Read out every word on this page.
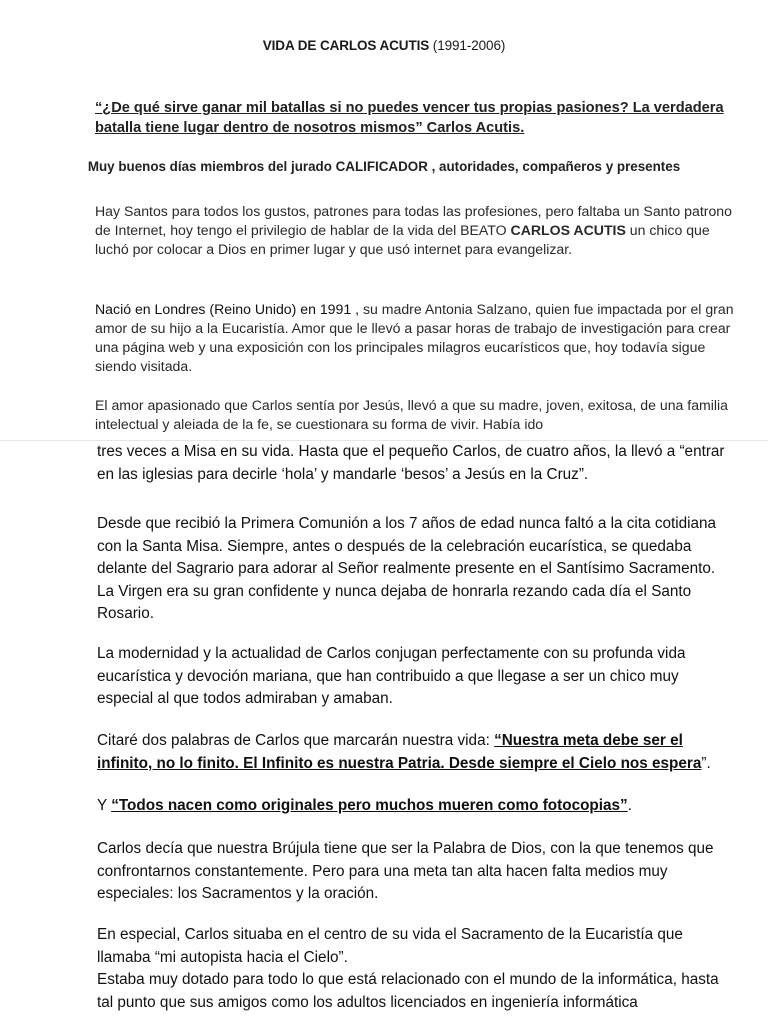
VIDA DE CARLOS ACUTIS (1991-2006)
“¿De qué sirve ganar mil batallas si no puedes vencer tus propias pasiones? La verdadera batalla tiene lugar dentro de nosotros mismos” Carlos Acutis.
Muy buenos días miembros del jurado CALIFICADOR , autoridades, compañeros y presentes
Hay Santos para todos los gustos, patrones para todas las profesiones, pero faltaba un Santo patrono de Internet, hoy tengo el privilegio de hablar de la vida del BEATO CARLOS ACUTIS un chico que luchó por colocar a Dios en primer lugar y que usó internet para evangelizar.
Nació en Londres (Reino Unido) en 1991 , su madre Antonia Salzano, quien fue impactada por el gran amor de su hijo a la Eucaristía. Amor que le llevó a pasar horas de trabajo de investigación para crear una página web y una exposición con los principales milagros eucarísticos que, hoy todavía sigue siendo visitada.
El amor apasionado que Carlos sentía por Jesús, llevó a que su madre, joven, exitosa, de una familia intelectual y aleiada de la fe, se cuestionara su forma de vivir. Había ido
tres veces a Misa en su vida. Hasta que el pequeño Carlos, de cuatro años, la llevó a “entrar en las iglesias para decirle ‘hola’ y mandarle ‘besos’ a Jesús en la Cruz”.
Desde que recibió la Primera Comunión a los 7 años de edad nunca faltó a la cita cotidiana con la Santa Misa. Siempre, antes o después de la celebración eucarística, se quedaba delante del Sagrario para adorar al Señor realmente presente en el Santísimo Sacramento. La Virgen era su gran confidente y nunca dejaba de honrarla rezando cada día el Santo Rosario.
La modernidad y la actualidad de Carlos conjugan perfectamente con su profunda vida eucarística y devoción mariana, que han contribuido a que llegase a ser un chico muy especial al que todos admiraban y amaban.
Citaré dos palabras de Carlos que marcarán nuestra vida: “Nuestra meta debe ser el infinito, no lo finito. El Infinito es nuestra Patria. Desde siempre el Cielo nos espera”.
Y “Todos nacen como originales pero muchos mueren como fotocopias”.
Carlos decía que nuestra Brújula tiene que ser la Palabra de Dios, con la que tenemos que confrontarnos constantemente. Pero para una meta tan alta hacen falta medios muy especiales: los Sacramentos y la oración.
En especial, Carlos situaba en el centro de su vida el Sacramento de la Eucaristía que llamaba “mi autopista hacia el Cielo”.
Estaba muy dotado para todo lo que está relacionado con el mundo de la informática, hasta tal punto que sus amigos como los adultos licenciados en ingeniería informática
